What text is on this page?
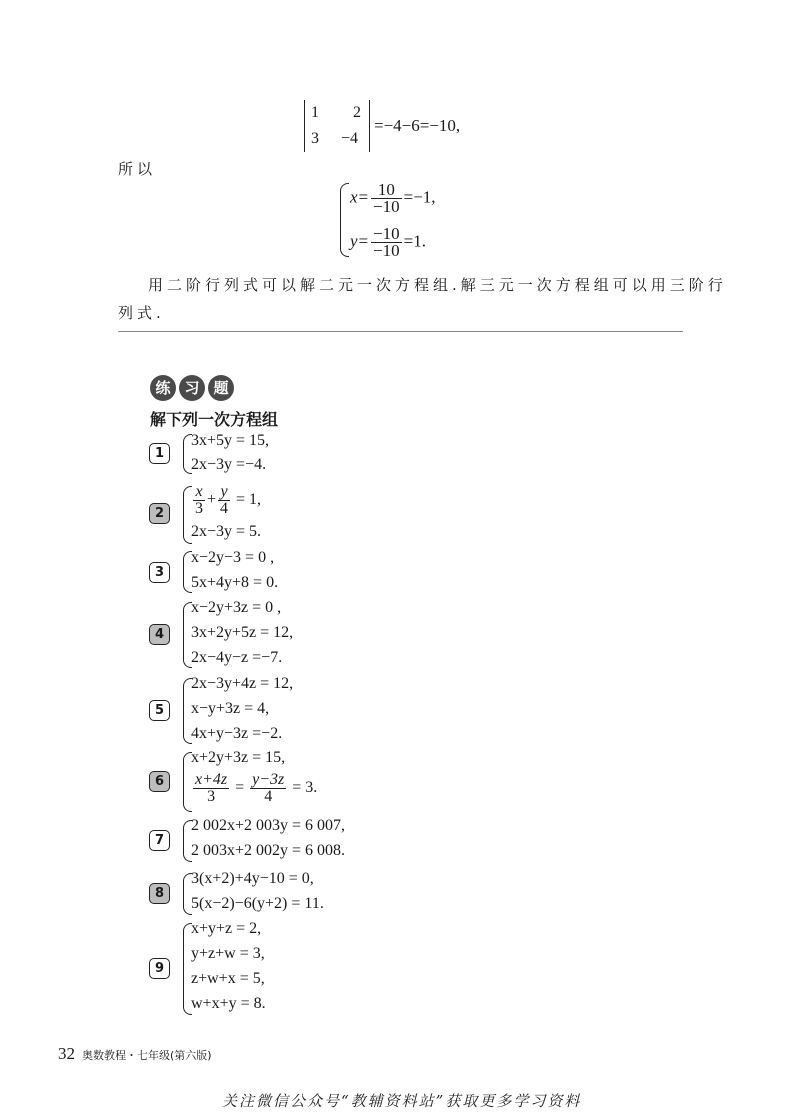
1 2
3 −4
=−4−6=−10,
所以
$x= \frac{10}{-10} =-1$,
$y= \frac{-10}{-10} =1$.
用二阶行列式可以解二元一次方程组.解三元一次方程组可以用三阶行
列式.
练 习 题
解下列一次方程组
1
3x+5y = 15,
2x−3y =−4.
2	$\frac{x}{3} + \frac{y}{4} = 1$,
2x−3y = 5.
3
x−2y−3 = 0 ,
5x+4y+8 = 0.
4
x−2y+3z = 0 ,
3x+2y+5z = 12,
2x−4y−z =−7.
5
2x−3y+4z = 12,
x−y+3z = 4,
4x+y−3z =−2.
6
x+2y+3z = 15,
$\frac{x+4z}{3} = \frac{y-3z}{4} = 3$.
7
2 002x+2 003y = 6 007,
2 003x+2 002y = 6 008.
8
3(x+2)+4y−10 = 0,
5(x−2)−6(y+2) = 11.
9
x+y+z = 2,
y+z+w = 3,
z+w+x = 5,
w+x+y = 8.
32 奥数教程・七年级(第六版)
关注微信公众号“教辅资料站”获取更多学习资料
